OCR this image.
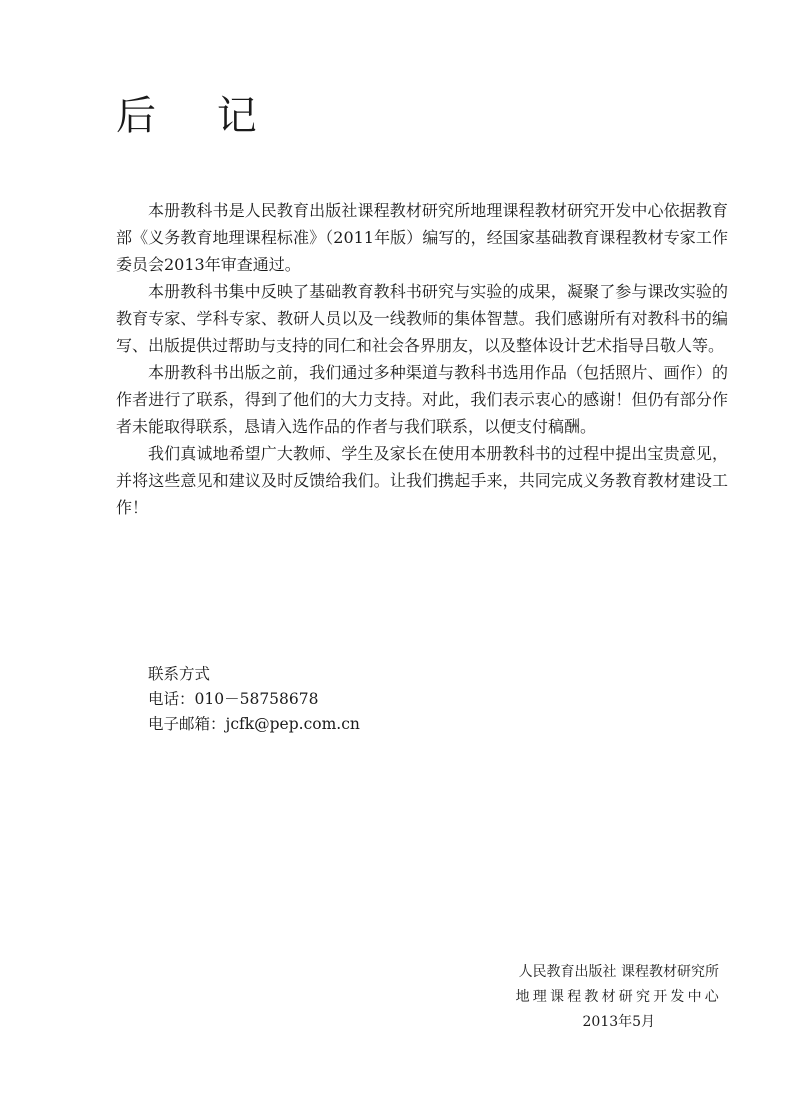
后 记

本册教科书是人民教育出版社课程教材研究所地理课程教材研究开发中心依据教育部《义务教育地理课程标准》（2011年版）编写的，经国家基础教育课程教材专家工作委员会2013年审查通过。

本册教科书集中反映了基础教育教科书研究与实验的成果，凝聚了参与课改实验的教育专家、学科专家、教研人员以及一线教师的集体智慧。我们感谢所有对教科书的编写、出版提供过帮助与支持的同仁和社会各界朋友，以及整体设计艺术指导吕敬人等。

本册教科书出版之前，我们通过多种渠道与教科书选用作品（包括照片、画作）的作者进行了联系，得到了他们的大力支持。对此，我们表示衷心的感谢！但仍有部分作者未能取得联系，恳请入选作品的作者与我们联系，以便支付稿酬。

我们真诚地希望广大教师、学生及家长在使用本册教科书的过程中提出宝贵意见，并将这些意见和建议及时反馈给我们。让我们携起手来，共同完成义务教育教材建设工作！

联系方式
电话：010－58758678
电子邮箱：jcfk@pep.com.cn
人民教育出版社 课程教材研究所
地理课程教材研究开发中心
2013年5月
